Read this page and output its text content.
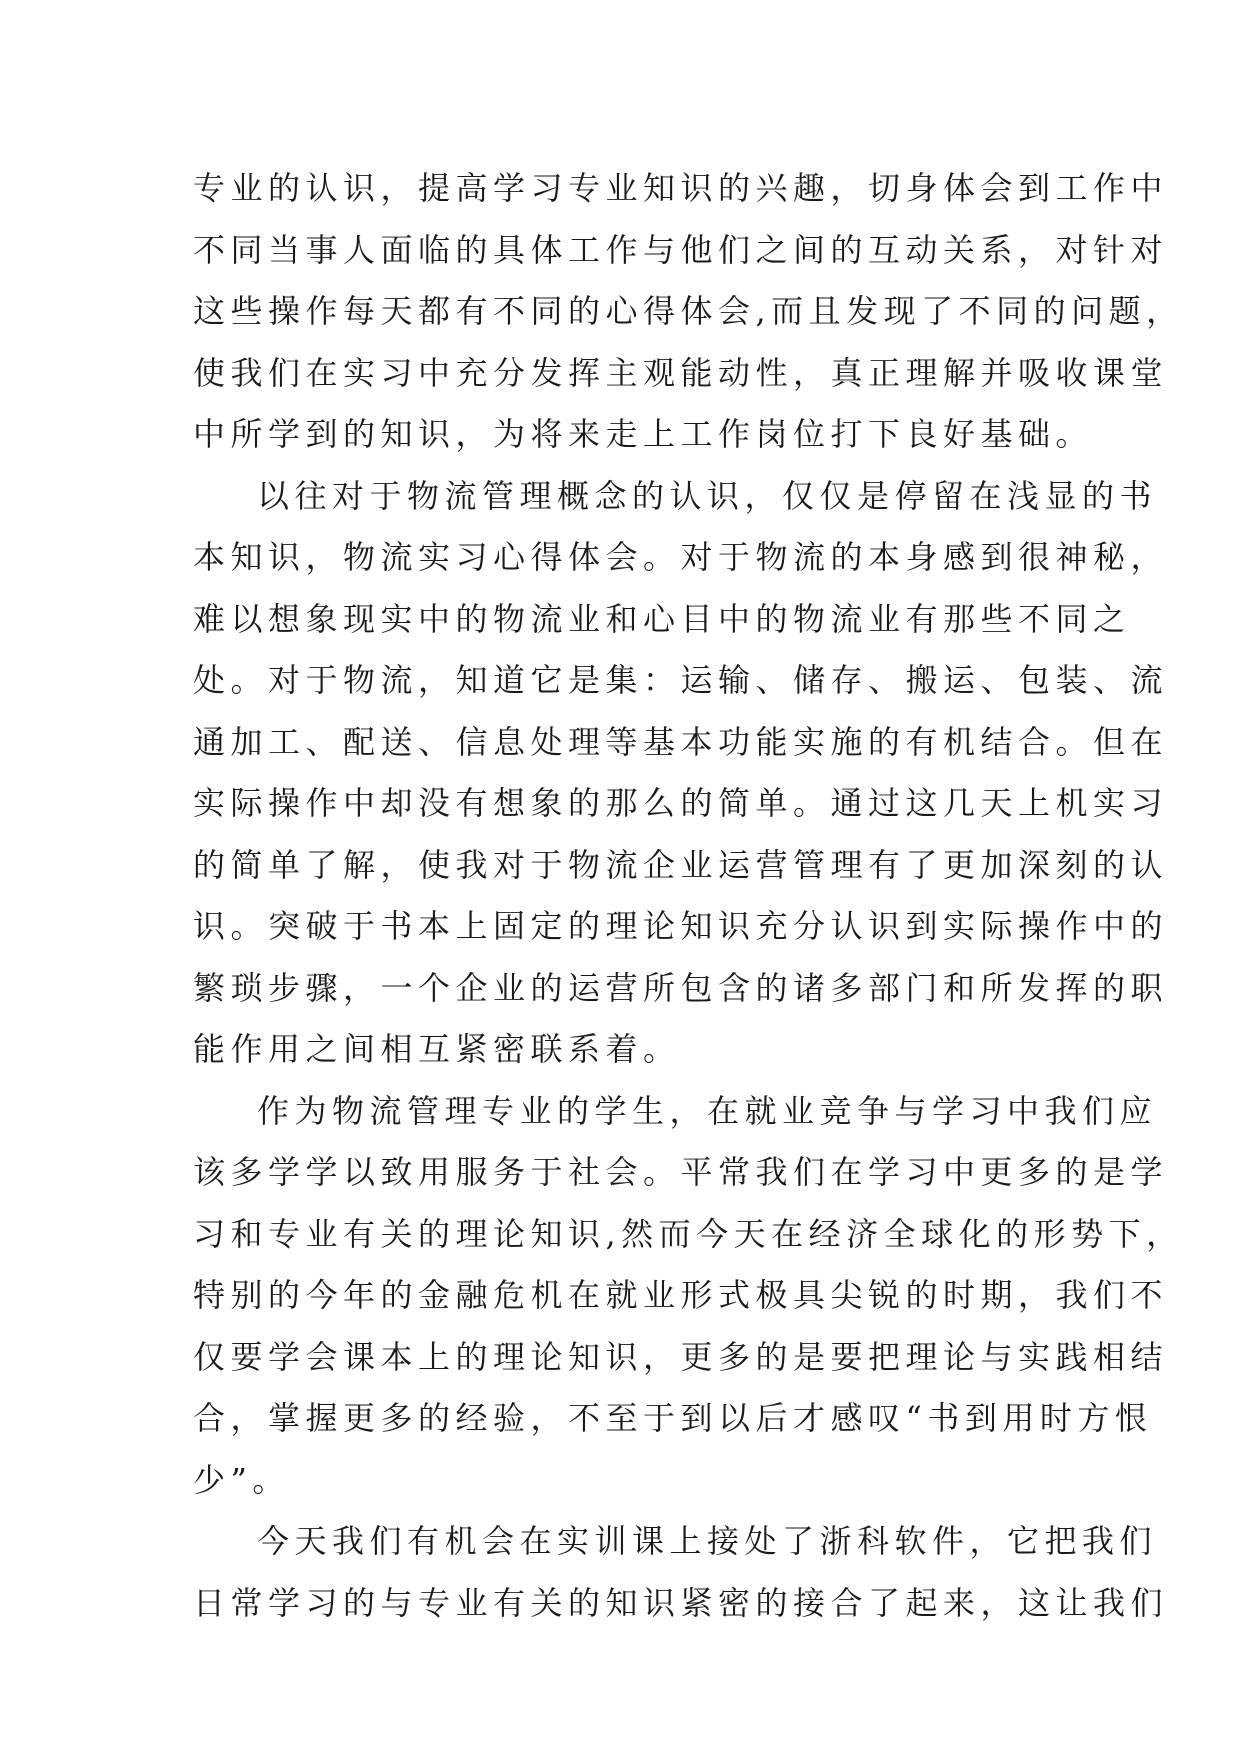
专业的认识，提高学习专业知识的兴趣，切身体会到工作中
不同当事人面临的具体工作与他们之间的互动关系，对针对
这些操作每天都有不同的心得体会,而且发现了不同的问题，
使我们在实习中充分发挥主观能动性，真正理解并吸收课堂
中所学到的知识，为将来走上工作岗位打下良好基础。
以往对于物流管理概念的认识，仅仅是停留在浅显的书
本知识，物流实习心得体会。对于物流的本身感到很神秘，
难以想象现实中的物流业和心目中的物流业有那些不同之
处。对于物流，知道它是集：运输、储存、搬运、包装、流
通加工、配送、信息处理等基本功能实施的有机结合。但在
实际操作中却没有想象的那么的简单。通过这几天上机实习
的简单了解，使我对于物流企业运营管理有了更加深刻的认
识。突破于书本上固定的理论知识充分认识到实际操作中的
繁琐步骤，一个企业的运营所包含的诸多部门和所发挥的职
能作用之间相互紧密联系着。
作为物流管理专业的学生，在就业竞争与学习中我们应
该多学学以致用服务于社会。平常我们在学习中更多的是学
习和专业有关的理论知识,然而今天在经济全球化的形势下，
特别的今年的金融危机在就业形式极具尖锐的时期，我们不
仅要学会课本上的理论知识，更多的是要把理论与实践相结
合，掌握更多的经验，不至于到以后才感叹“书到用时方恨
少”。
今天我们有机会在实训课上接处了浙科软件，它把我们
日常学习的与专业有关的知识紧密的接合了起来，这让我们
